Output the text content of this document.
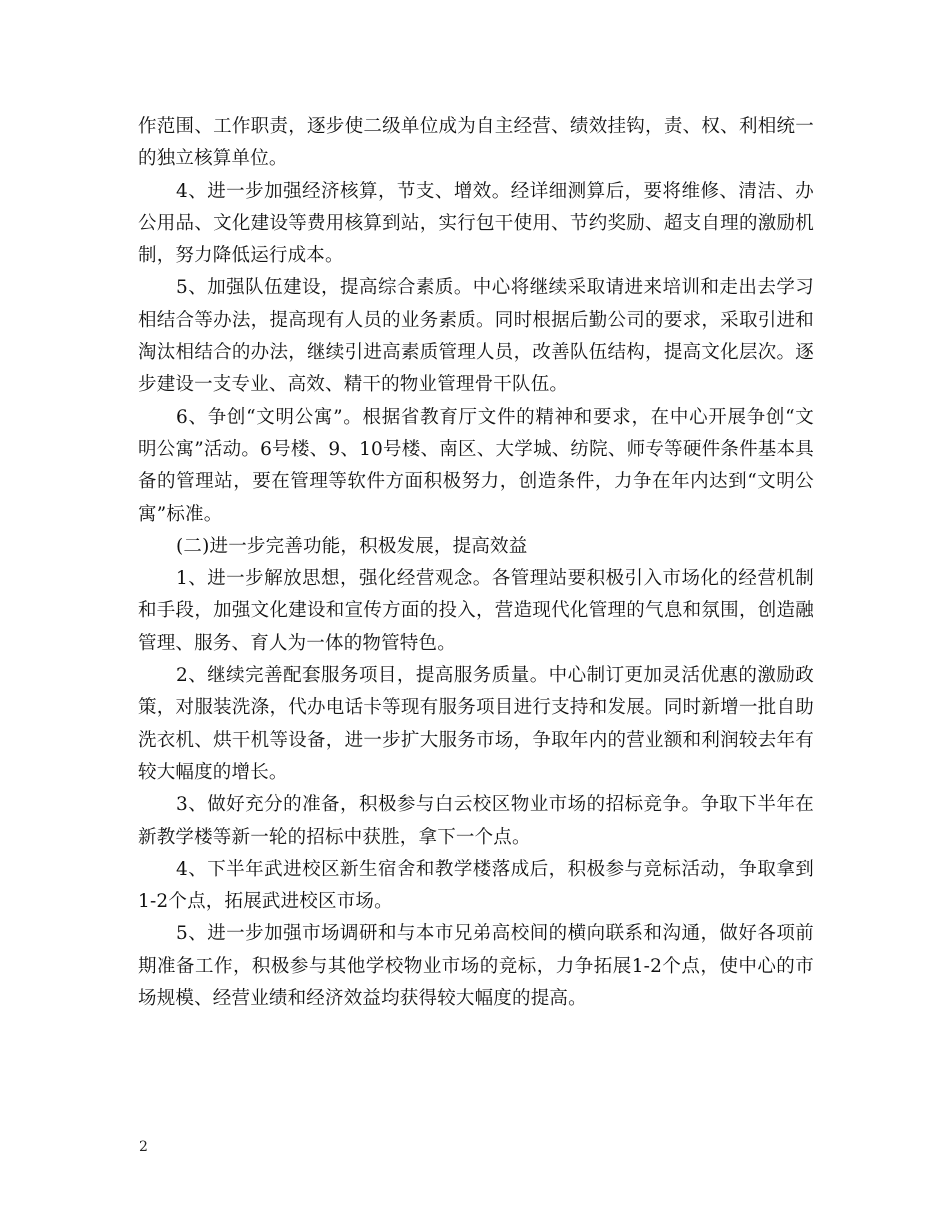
作范围、工作职责，逐步使二级单位成为自主经营、绩效挂钩，责、权、利相统一的独立核算单位。

4、进一步加强经济核算，节支、增效。经详细测算后，要将维修、清洁、办公用品、文化建设等费用核算到站，实行包干使用、节约奖励、超支自理的激励机制，努力降低运行成本。

5、加强队伍建设，提高综合素质。中心将继续采取请进来培训和走出去学习相结合等办法，提高现有人员的业务素质。同时根据后勤公司的要求，采取引进和淘汰相结合的办法，继续引进高素质管理人员，改善队伍结构，提高文化层次。逐步建设一支专业、高效、精干的物业管理骨干队伍。

6、争创“文明公寓”。根据省教育厅文件的精神和要求，在中心开展争创“文明公寓”活动。6号楼、9、10号楼、南区、大学城、纺院、师专等硬件条件基本具备的管理站，要在管理等软件方面积极努力，创造条件，力争在年内达到“文明公寓”标准。

(二)进一步完善功能，积极发展，提高效益

1、进一步解放思想，强化经营观念。各管理站要积极引入市场化的经营机制和手段，加强文化建设和宣传方面的投入，营造现代化管理的气息和氛围，创造融管理、服务、育人为一体的物管特色。

2、继续完善配套服务项目，提高服务质量。中心制订更加灵活优惠的激励政策，对服装洗涤，代办电话卡等现有服务项目进行支持和发展。同时新增一批自助洗衣机、烘干机等设备，进一步扩大服务市场，争取年内的营业额和利润较去年有较大幅度的增长。

3、做好充分的准备，积极参与白云校区物业市场的招标竞争。争取下半年在新教学楼等新一轮的招标中获胜，拿下一个点。

4、下半年武进校区新生宿舍和教学楼落成后，积极参与竞标活动，争取拿到1-2个点，拓展武进校区市场。

5、进一步加强市场调研和与本市兄弟高校间的横向联系和沟通，做好各项前期准备工作，积极参与其他学校物业市场的竞标，力争拓展1-2个点，使中心的市场规模、经营业绩和经济效益均获得较大幅度的提高。

2
